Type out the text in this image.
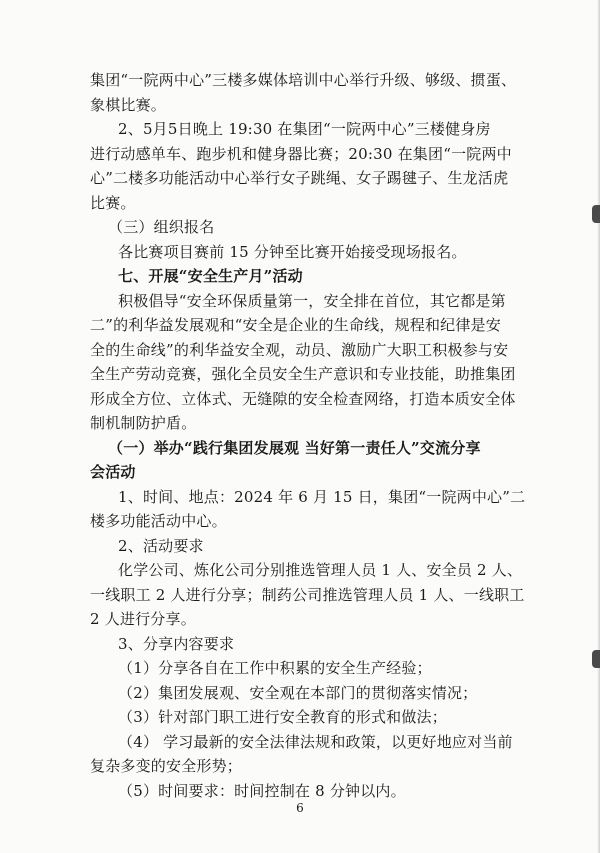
集团“一院两中心”三楼多媒体培训中心举行升级、够级、掼蛋、
象棋比赛。
2、5月5日晚上 19:30 在集团“一院两中心”三楼健身房
进行动感单车、跑步机和健身器比赛；20:30 在集团“一院两中
心”二楼多功能活动中心举行女子跳绳、女子踢毽子、生龙活虎
比赛。
（三）组织报名
各比赛项目赛前 15 分钟至比赛开始接受现场报名。
七、开展“安全生产月”活动
积极倡导“安全环保质量第一，安全排在首位，其它都是第
二”的利华益发展观和“安全是企业的生命线，规程和纪律是安
全的生命线”的利华益安全观，动员、激励广大职工积极参与安
全生产劳动竞赛，强化全员安全生产意识和专业技能，助推集团
形成全方位、立体式、无缝隙的安全检查网络，打造本质安全体
制机制防护盾。
（一）举办“践行集团发展观 当好第一责任人”交流分享
会活动
1、时间、地点：2024 年 6 月 15 日，集团“一院两中心”二
楼多功能活动中心。
2、活动要求
化学公司、炼化公司分别推选管理人员 1 人、安全员 2 人、
一线职工 2 人进行分享；制药公司推选管理人员 1 人、一线职工
2 人进行分享。
3、分享内容要求
（1）分享各自在工作中积累的安全生产经验；
（2）集团发展观、安全观在本部门的贯彻落实情况；
（3）针对部门职工进行安全教育的形式和做法；
（4） 学习最新的安全法律法规和政策，以更好地应对当前
复杂多变的安全形势；
（5）时间要求：时间控制在 8 分钟以内。
6
